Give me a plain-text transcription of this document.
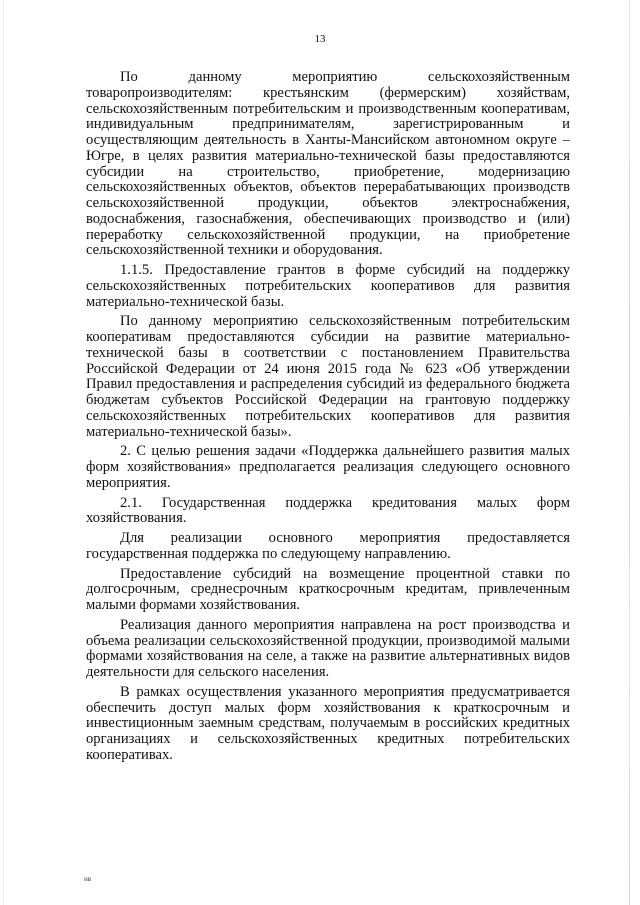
13

По данному мероприятию сельскохозяйственным товаропроизводителям: крестьянским (фермерским) хозяйствам, сельскохозяйственным потребительским и производственным кооперативам, индивидуальным предпринимателям, зарегистрированным и осуществляющим деятельность в Ханты-Мансийском автономном округе – Югре, в целях развития материально-технической базы предоставляются субсидии на строительство, приобретение, модернизацию сельскохозяйственных объектов, объектов перерабатывающих производств сельскохозяйственной продукции, объектов электроснабжения, водоснабжения, газоснабжения, обеспечивающих производство и (или) переработку сельскохозяйственной продукции, на приобретение сельскохозяйственной техники и оборудования.

1.1.5. Предоставление грантов в форме субсидий на поддержку сельскохозяйственных потребительских кооперативов для развития материально-технической базы.

По данному мероприятию сельскохозяйственным потребительским кооперативам предоставляются субсидии на развитие материально-технической базы в соответствии с постановлением Правительства Российской Федерации от 24 июня 2015 года № 623 «Об утверждении Правил предоставления и распределения субсидий из федерального бюджета бюджетам субъектов Российской Федерации на грантовую поддержку сельскохозяйственных потребительских кооперативов для развития материально-технической базы».

2. С целью решения задачи «Поддержка дальнейшего развития малых форм хозяйствования» предполагается реализация следующего основного мероприятия.

2.1. Государственная поддержка кредитования малых форм хозяйствования.

Для реализации основного мероприятия предоставляется государственная поддержка по следующему направлению.

Предоставление субсидий на возмещение процентной ставки по долгосрочным, среднесрочным краткосрочным кредитам, привлеченным малыми формами хозяйствования.

Реализация данного мероприятия направлена на рост производства и объема реализации сельскохозяйственной продукции, производимой малыми формами хозяйствования на селе, а также на развитие альтернативных видов деятельности для сельского населения.

В рамках осуществления указанного мероприятия предусматривается обеспечить доступ малых форм хозяйствования к краткосрочным и инвестиционным заемным средствам, получаемым в российских кредитных организациях и сельскохозяйственных кредитных потребительских кооперативах.

нв
